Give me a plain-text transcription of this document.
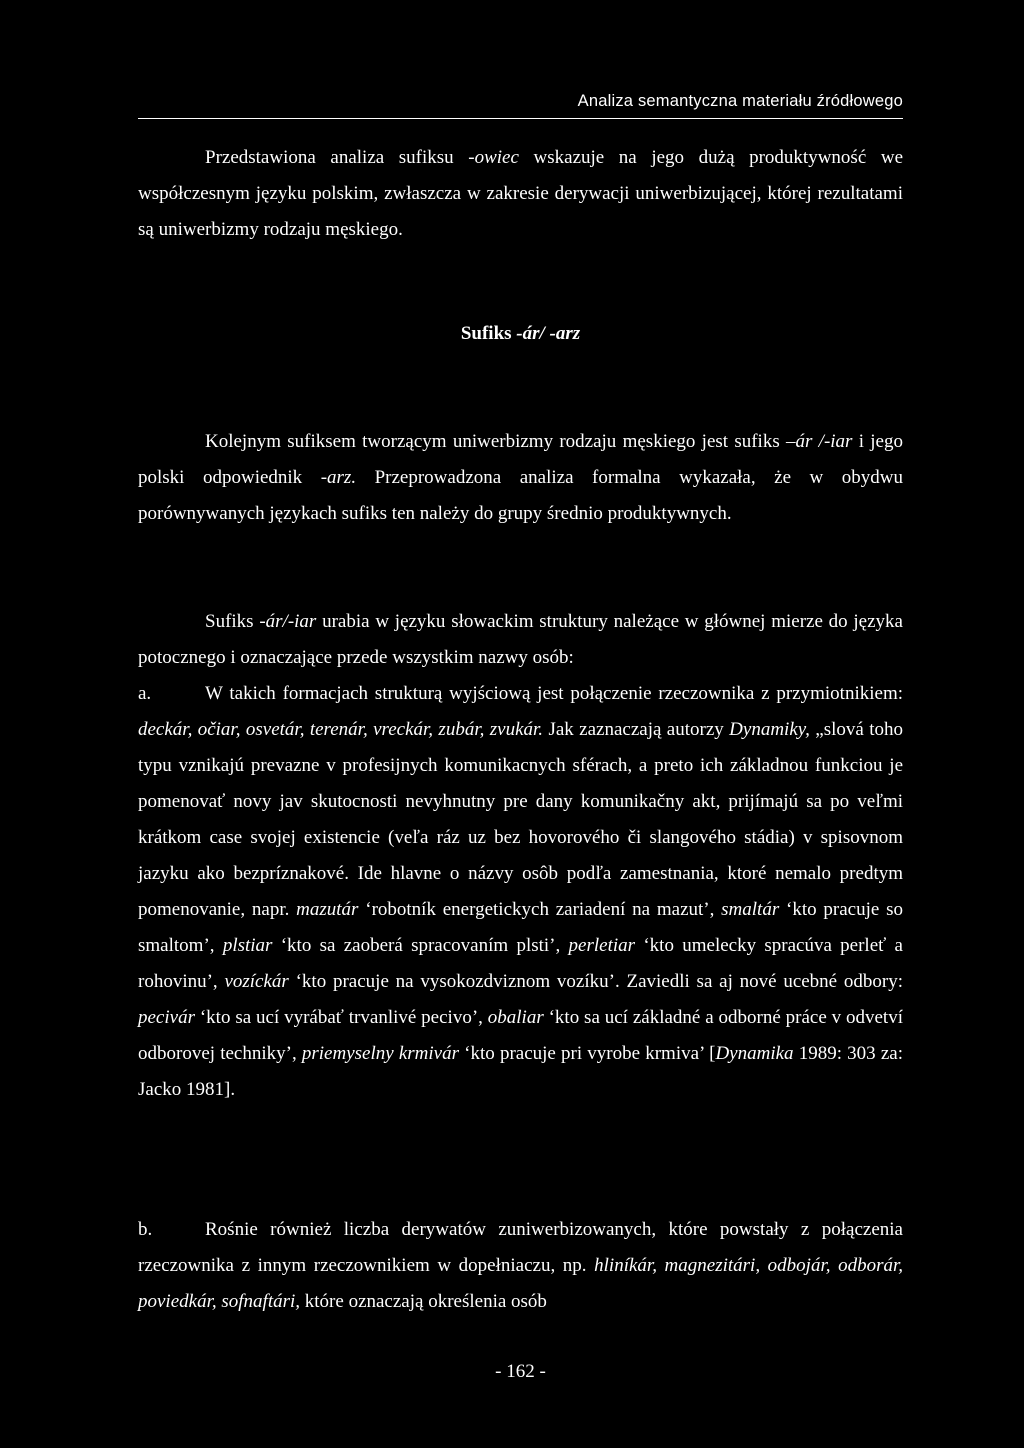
Analiza semantyczna materiału źródłowego

Przedstawiona analiza sufiksu -owiec wskazuje na jego dużą produktywność we współczesnym języku polskim, zwłaszcza w zakresie derywacji uniwerbizującej, której rezultatami są uniwerbizmy rodzaju męskiego.

Sufiks -ár/ -arz

Kolejnym sufiksem tworzącym uniwerbizmy rodzaju męskiego jest sufiks –ár /-iar i jego polski odpowiednik -arz. Przeprowadzona analiza formalna wykazała, że w obydwu porównywanych językach sufiks ten należy do grupy średnio produktywnych.

Sufiks -ár/-iar urabia w języku słowackim struktury należące w głównej mierze do języka potocznego i oznaczające przede wszystkim nazwy osób:

a.	W takich formacjach strukturą wyjściową jest połączenie rzeczownika z przymiotnikiem: deckár, očiar, osvetár, terenár, vreckár, zubár, zvukár. Jak zaznaczają autorzy Dynamiky, „slová toho typu vznikajú prevazne v profesijnych komunikacnych sférach, a preto ich základnou funkciou je pomenovať novy jav skutocnosti nevyhnutny pre dany komunikačny akt, prijímajú sa po veľmi krátkom case svojej existencie (veľa ráz uz bez hovorového či slangového stádia) v spisovnom jazyku ako bezpríznakové. Ide hlavne o názvy osôb podľa zamestnania, ktoré nemalo predtym pomenovanie, napr. mazutár ‘robotník energetickych zariadení na mazut’, smaltár ‘kto pracuje so smaltom’, plstiar ‘kto sa zaoberá spracovaním plsti’, perletiar ‘kto umelecky spracúva perleť a rohovinu’, vozíckár ‘kto pracuje na vysokozdviznom vozíku’. Zaviedli sa aj nové ucebné odbory: pecivár ‘kto sa ucí vyrábať trvanlivé pecivo’, obaliar ‘kto sa ucí základné a odborné práce v odvetví odborovej techniky’, priemyselny krmivár ‘kto pracuje pri vyrobe krmiva’ [Dynamika 1989: 303 za: Jacko 1981].

b.	Rośnie również liczba derywatów zuniwerbizowanych, które powstały z połączenia rzeczownika z innym rzeczownikiem w dopełniaczu, np. hliníkár, magnezitári, odbojár, odborár, poviedkár, sofnaftári, które oznaczają określenia osób

- 162 -
